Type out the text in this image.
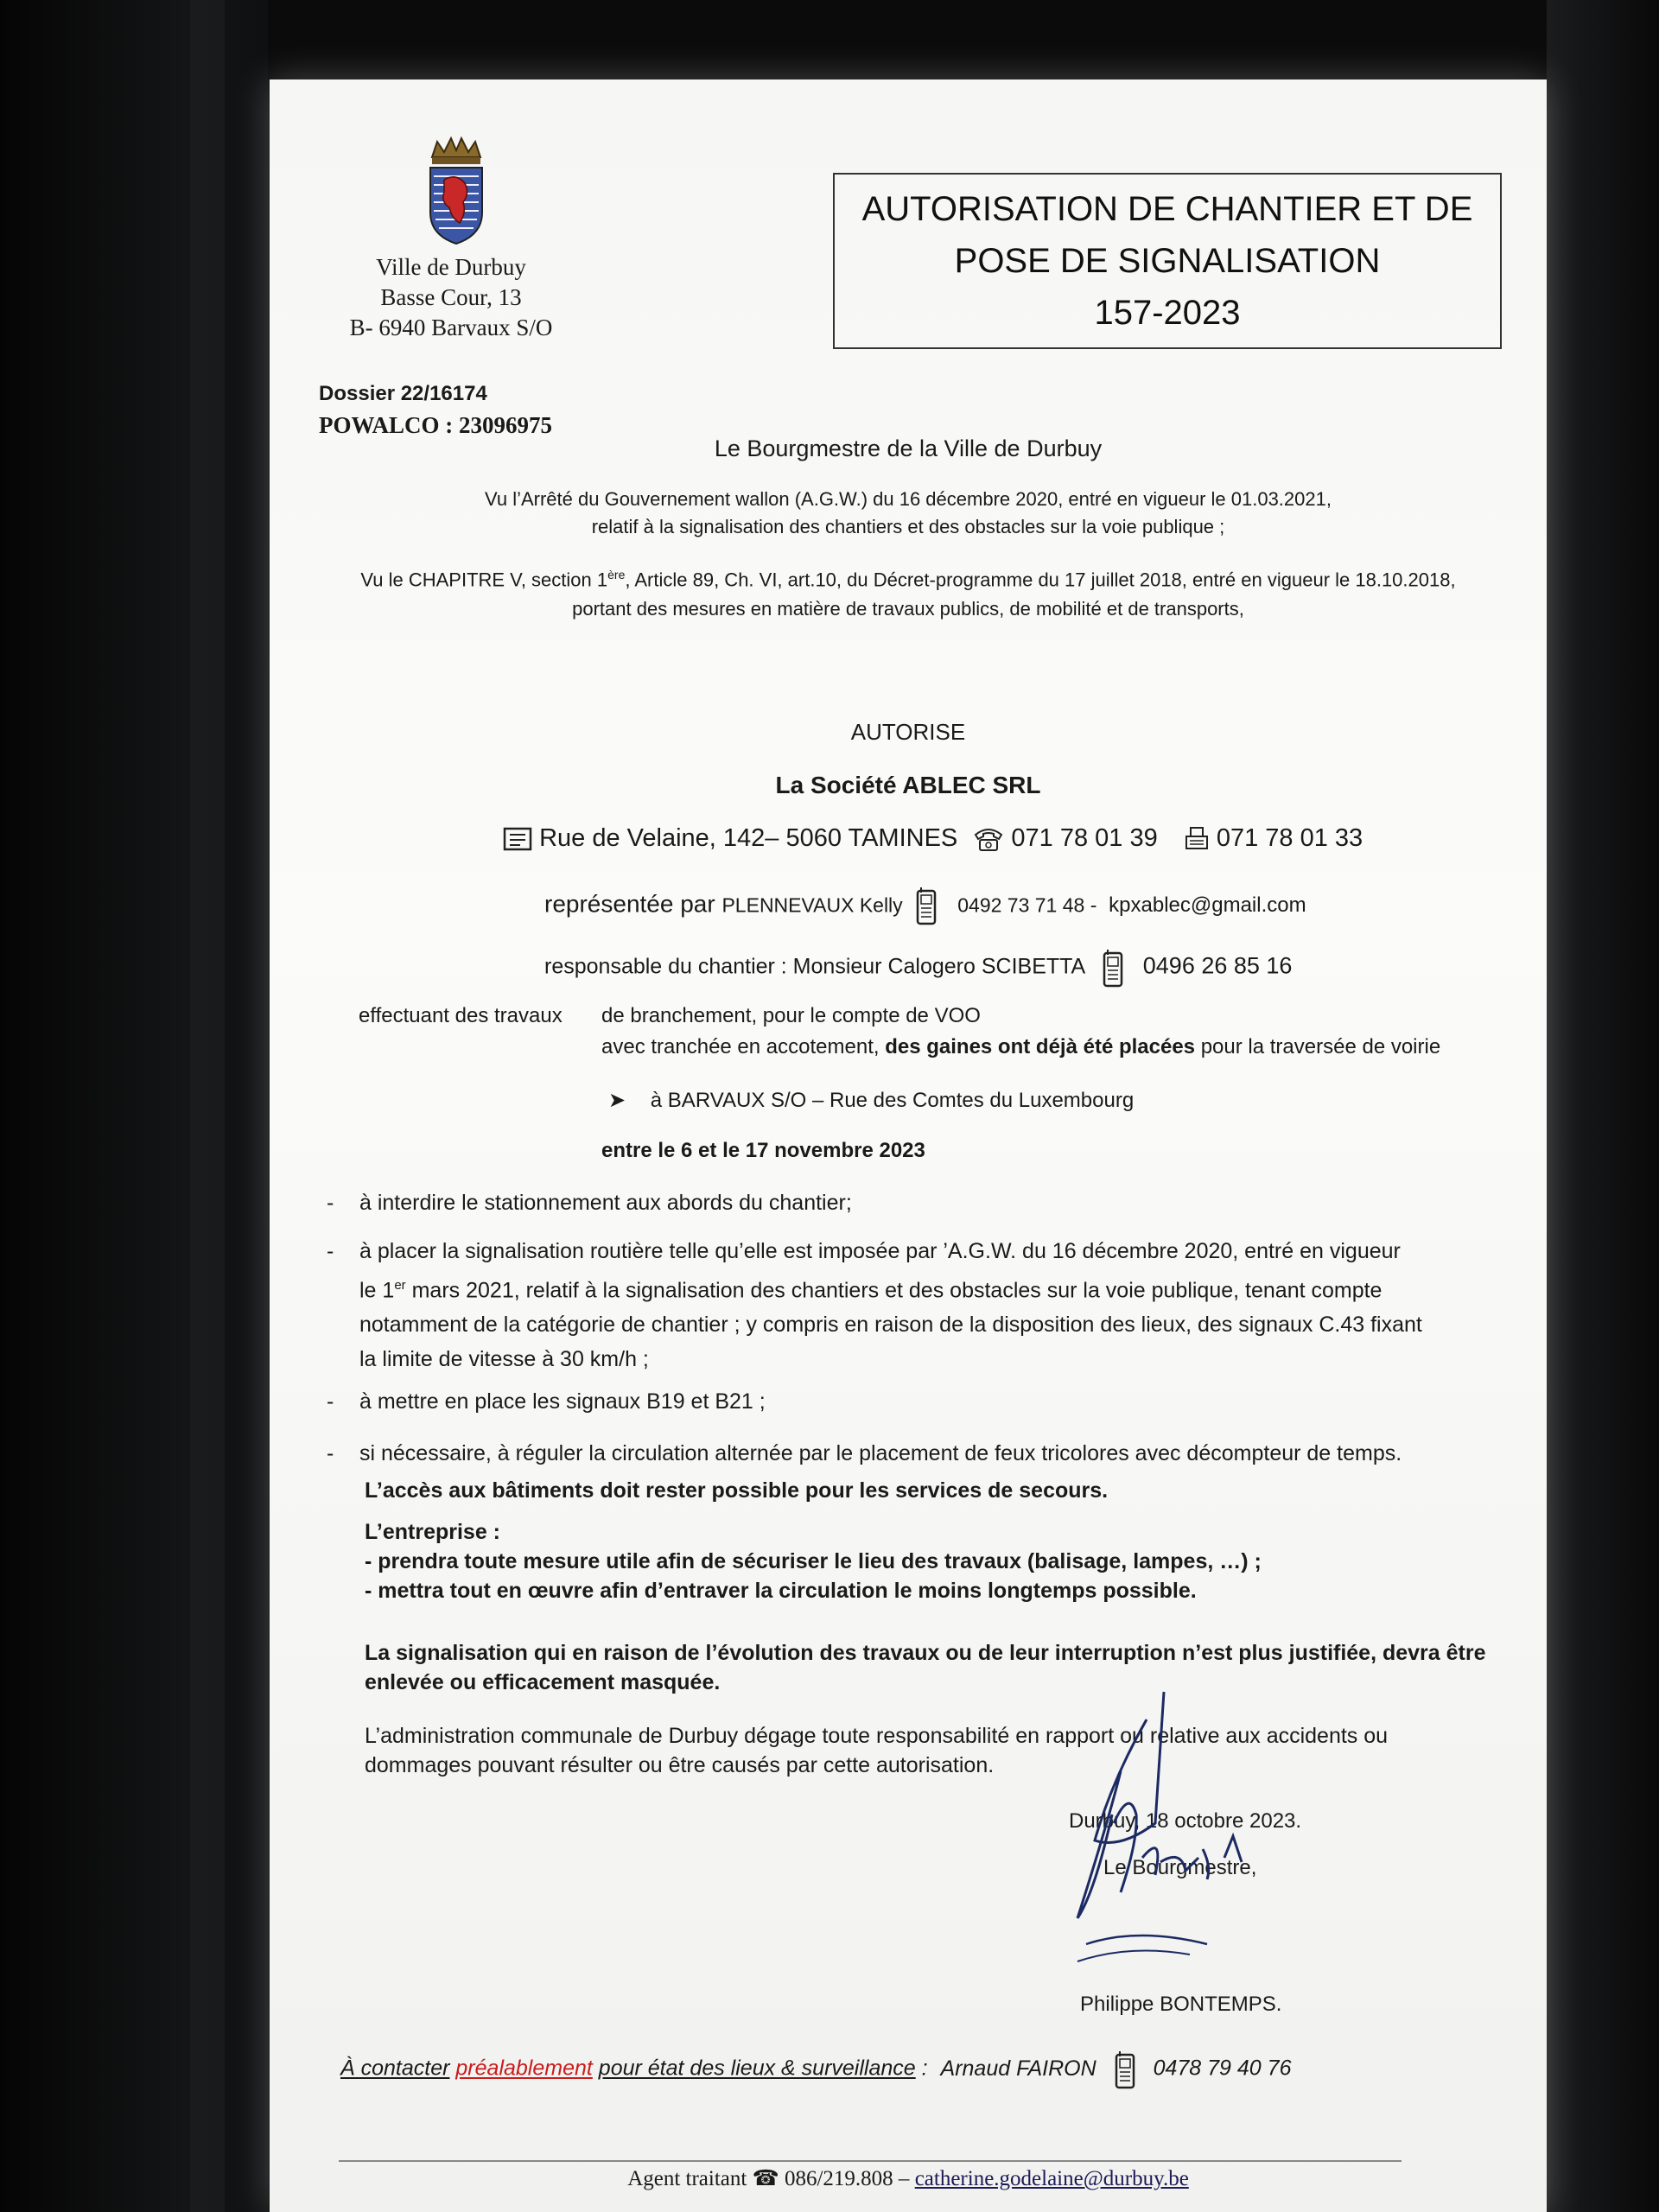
Ville de Durbuy
Basse Cour, 13
B- 6940 Barvaux S/O
AUTORISATION DE CHANTIER ET DE
POSE DE SIGNALISATION
157-2023
Dossier 22/16174
POWALCO : 23096975
Le Bourgmestre de la Ville de Durbuy
Vu l’Arrêté du Gouvernement wallon (A.G.W.) du 16 décembre 2020, entré en vigueur le 01.03.2021,
relatif à la signalisation des chantiers et des obstacles sur la voie publique ;
Vu le CHAPITRE V, section 1ère, Article 89, Ch. VI, art.10, du Décret-programme du 17 juillet 2018, entré en vigueur le 18.10.2018,
portant des mesures en matière de travaux publics, de mobilité et de transports,
AUTORISE
La Société ABLEC SRL
Rue de Velaine, 142– 5060 TAMINES 071 78 01 39 071 78 01 33
représentée par PLENNEVAUX Kelly	0492 73 71 48 - kpxablec@gmail.com
responsable du chantier : Monsieur Calogero SCIBETTA	0496 26 85 16
effectuant des travaux de branchement, pour le compte de VOO
avec tranchée en accotement, des gaines ont déjà été placées pour la traversée de voirie
➤ à BARVAUX S/O – Rue des Comtes du Luxembourg
entre le 6 et le 17 novembre 2023
- à interdire le stationnement aux abords du chantier;
- à placer la signalisation routière telle qu’elle est imposée par ’A.G.W. du 16 décembre 2020, entré en vigueur
le 1er mars 2021, relatif à la signalisation des chantiers et des obstacles sur la voie publique, tenant compte
notamment de la catégorie de chantier ; y compris en raison de la disposition des lieux, des signaux C.43 fixant
la limite de vitesse à 30 km/h ;
- à mettre en place les signaux B19 et B21 ;
- si nécessaire, à réguler la circulation alternée par le placement de feux tricolores avec décompteur de temps.
L’accès aux bâtiments doit rester possible pour les services de secours.
L’entreprise :
- prendra toute mesure utile afin de sécuriser le lieu des travaux (balisage, lampes, …) ;
- mettra tout en œuvre afin d’entraver la circulation le moins longtemps possible.
La signalisation qui en raison de l’évolution des travaux ou de leur interruption n’est plus justifiée, devra être
enlevée ou efficacement masquée.
L’administration communale de Durbuy dégage toute responsabilité en rapport ou relative aux accidents ou
dommages pouvant résulter ou être causés par cette autorisation.
Durbuy, 18 octobre 2023.
Le Bourgmestre,
Philippe BONTEMPS.
À contacter préalablement pour état des lieux & surveillance : Arnaud FAIRON	0478 79 40 76
Agent traitant ☎ 086/219.808 – catherine.godelaine@durbuy.be
